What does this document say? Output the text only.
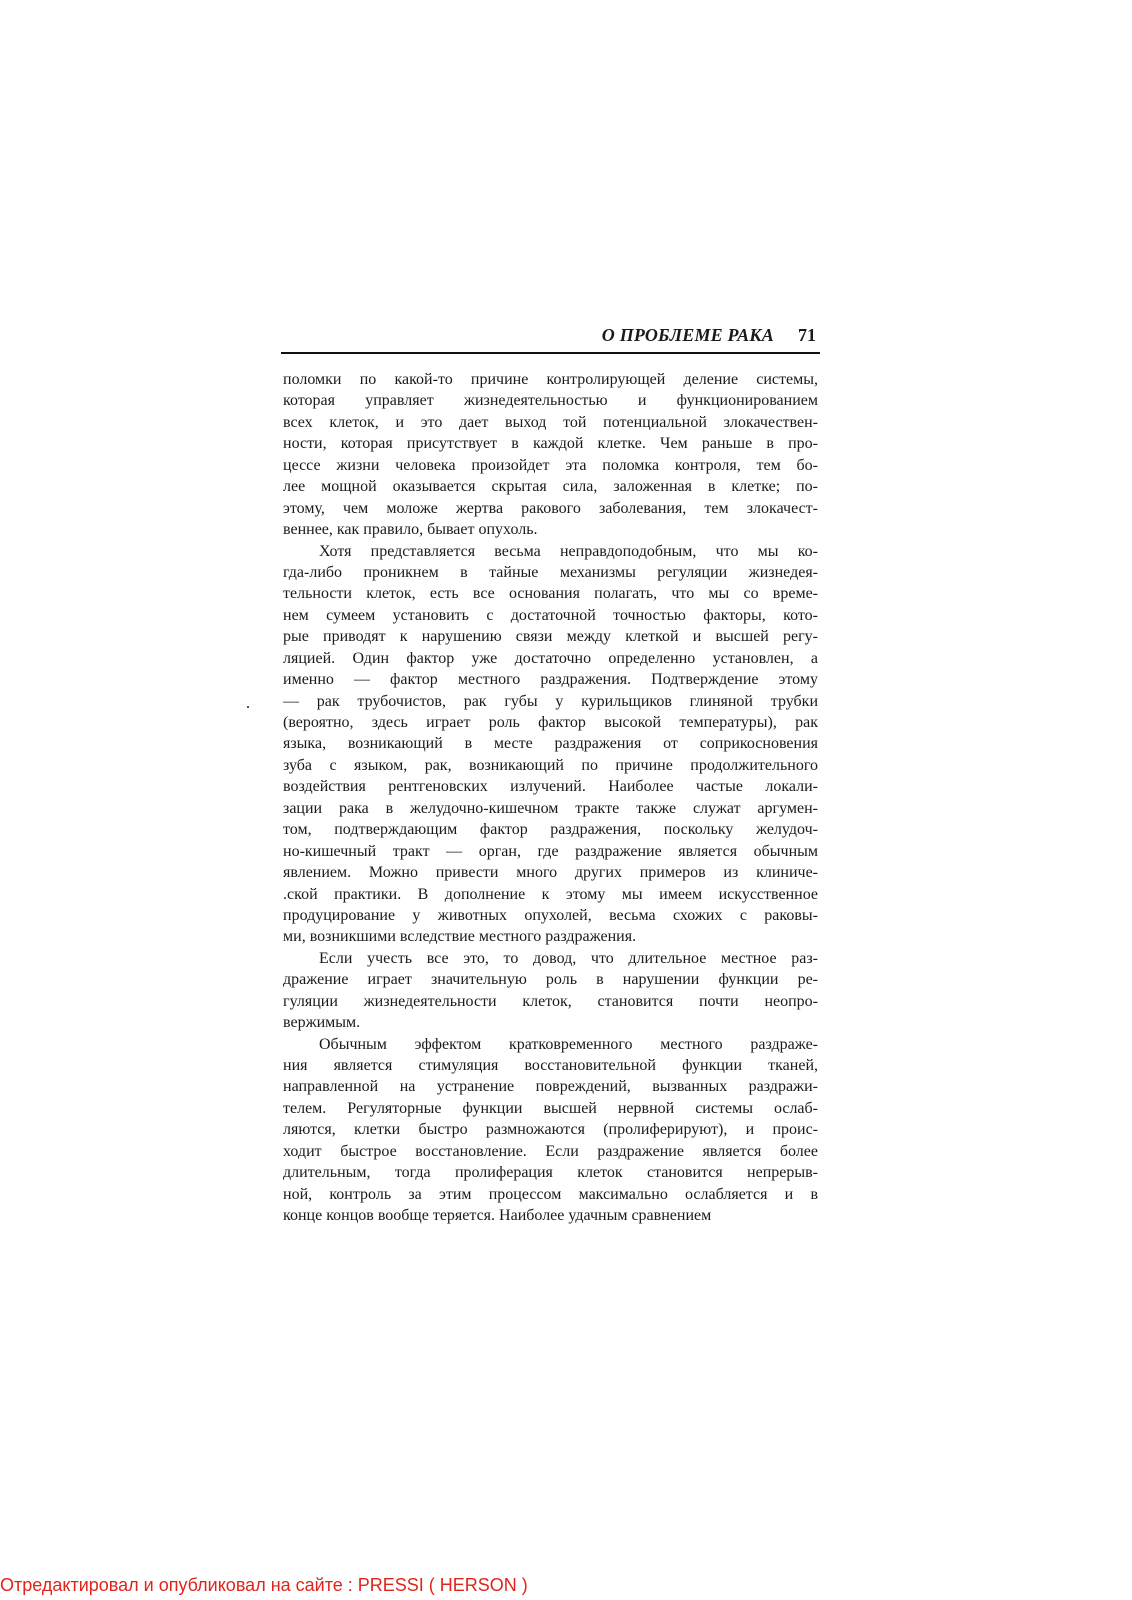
О ПРОБЛЕМЕ РАКА 71
поломки по какой-то причине контролирующей деление системы,
которая управляет жизнедеятельностью и функционированием
всех клеток, и это дает выход той потенциальной злокачествен-
ности, которая присутствует в каждой клетке. Чем раньше в про-
цессе жизни человека произойдет эта поломка контроля, тем бо-
лее мощной оказывается скрытая сила, заложенная в клетке; по-
этому, чем моложе жертва ракового заболевания, тем злокачест-
веннее, как правило, бывает опухоль.
Хотя представляется весьма неправдоподобным, что мы ко-
гда-либо проникнем в тайные механизмы регуляции жизнедея-
тельности клеток, есть все основания полагать, что мы со време-
нем сумеем установить с достаточной точностью факторы, кото-
рые приводят к нарушению связи между клеткой и высшей регу-
ляцией. Один фактор уже достаточно определенно установлен, а
именно — фактор местного раздражения. Подтверждение этому
— рак трубочистов, рак губы у курильщиков глиняной трубки
(вероятно, здесь играет роль фактор высокой температуры), рак
языка, возникающий в месте раздражения от соприкосновения
зуба с языком, рак, возникающий по причине продолжительного
воздействия рентгеновских излучений. Наиболее частые локали-
зации рака в желудочно-кишечном тракте также служат аргумен-
том, подтверждающим фактор раздражения, поскольку желудоч-
но-кишечный тракт — орган, где раздражение является обычным
явлением. Можно привести много других примеров из клиниче-
.ской практики. В дополнение к этому мы имеем искусственное
продуцирование у животных опухолей, весьма схожих с раковы-
ми, возникшими вследствие местного раздражения.
Если учесть все это, то довод, что длительное местное раз-
дражение играет значительную роль в нарушении функции ре-
гуляции жизнедеятельности клеток, становится почти неопро-
вержимым.
Обычным эффектом кратковременного местного раздраже-
ния является стимуляция восстановительной функции тканей,
направленной на устранение повреждений, вызванных раздражи-
телем. Регуляторные функции высшей нервной системы ослаб-
ляются, клетки быстро размножаются (пролиферируют), и проис-
ходит быстрое восстановление. Если раздражение является более
длительным, тогда пролиферация клеток становится непрерыв-
ной, контроль за этим процессом максимально ослабляется и в
конце концов вообще теряется. Наиболее удачным сравнением
Отредактировал и опубликовал на сайте : PRESSI ( HERSON )
